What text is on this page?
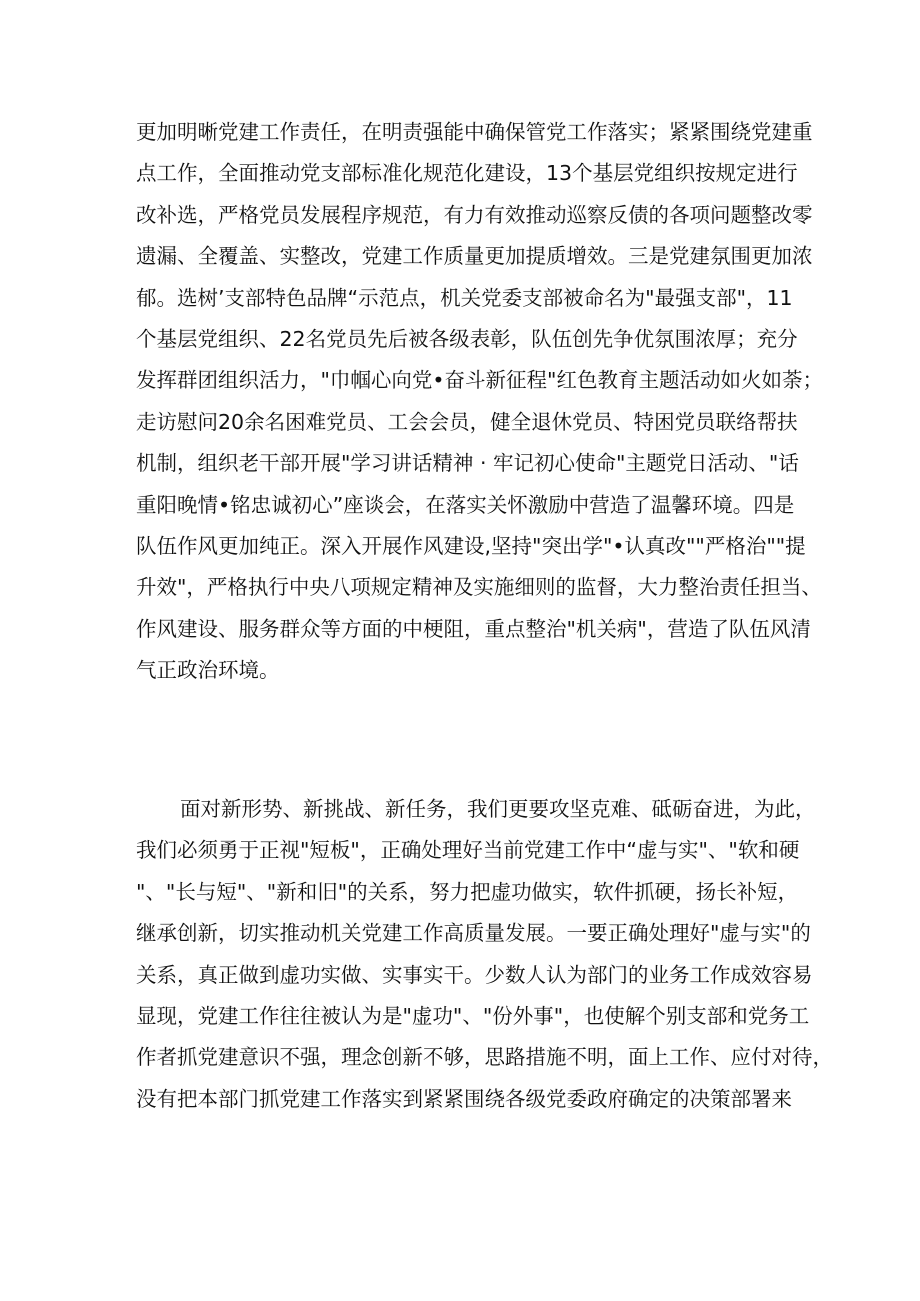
更加明晰党建工作责任，在明责强能中确保管党工作落实；紧紧围绕党建重
点工作，全面推动党支部标准化规范化建设，13个基层党组织按规定进行
改补选，严格党员发展程序规范，有力有效推动巡察反债的各项问题整改零
遗漏、全覆盖、实整改，党建工作质量更加提质增效。三是党建氛围更加浓
郁。选树’支部特色品牌“示范点，机关党委支部被命名为"最强支部"，11
个基层党组织、22名党员先后被各级表彰，队伍创先争优氛围浓厚；充分
发挥群团组织活力，"巾帼心向党•奋斗新征程"红色教育主题活动如火如荼；
走访慰问20余名困难党员、工会会员，健全退休党员、特困党员联络帮扶
机制，组织老干部开展"学习讲话精神 · 牢记初心使命"主题党日活动、"话
重阳晚情•铭忠诚初心”座谈会，在落实关怀激励中营造了温馨环境。四是
队伍作风更加纯正。深入开展作风建设,坚持"突出学"•认真改""严格治""提
升效"，严格执行中央八项规定精神及实施细则的监督，大力整治责任担当、
作风建设、服务群众等方面的中梗阻，重点整治"机关病"，营造了队伍风清
气正政治环境。
面对新形势、新挑战、新任务，我们更要攻坚克难、砥砺奋进，为此，
我们必须勇于正视"短板"，正确处理好当前党建工作中“虚与实"、"软和硬
"、"长与短"、"新和旧"的关系，努力把虚功做实，软件抓硬，扬长补短，
继承创新，切实推动机关党建工作高质量发展。一要正确处理好"虚与实"的
关系，真正做到虚功实做、实事实干。少数人认为部门的业务工作成效容易
显现，党建工作往往被认为是"虚功"、"份外事"，也使解个别支部和党务工
作者抓党建意识不强，理念创新不够，思路措施不明，面上工作、应付对待，
没有把本部门抓党建工作落实到紧紧围绕各级党委政府确定的决策部署来
